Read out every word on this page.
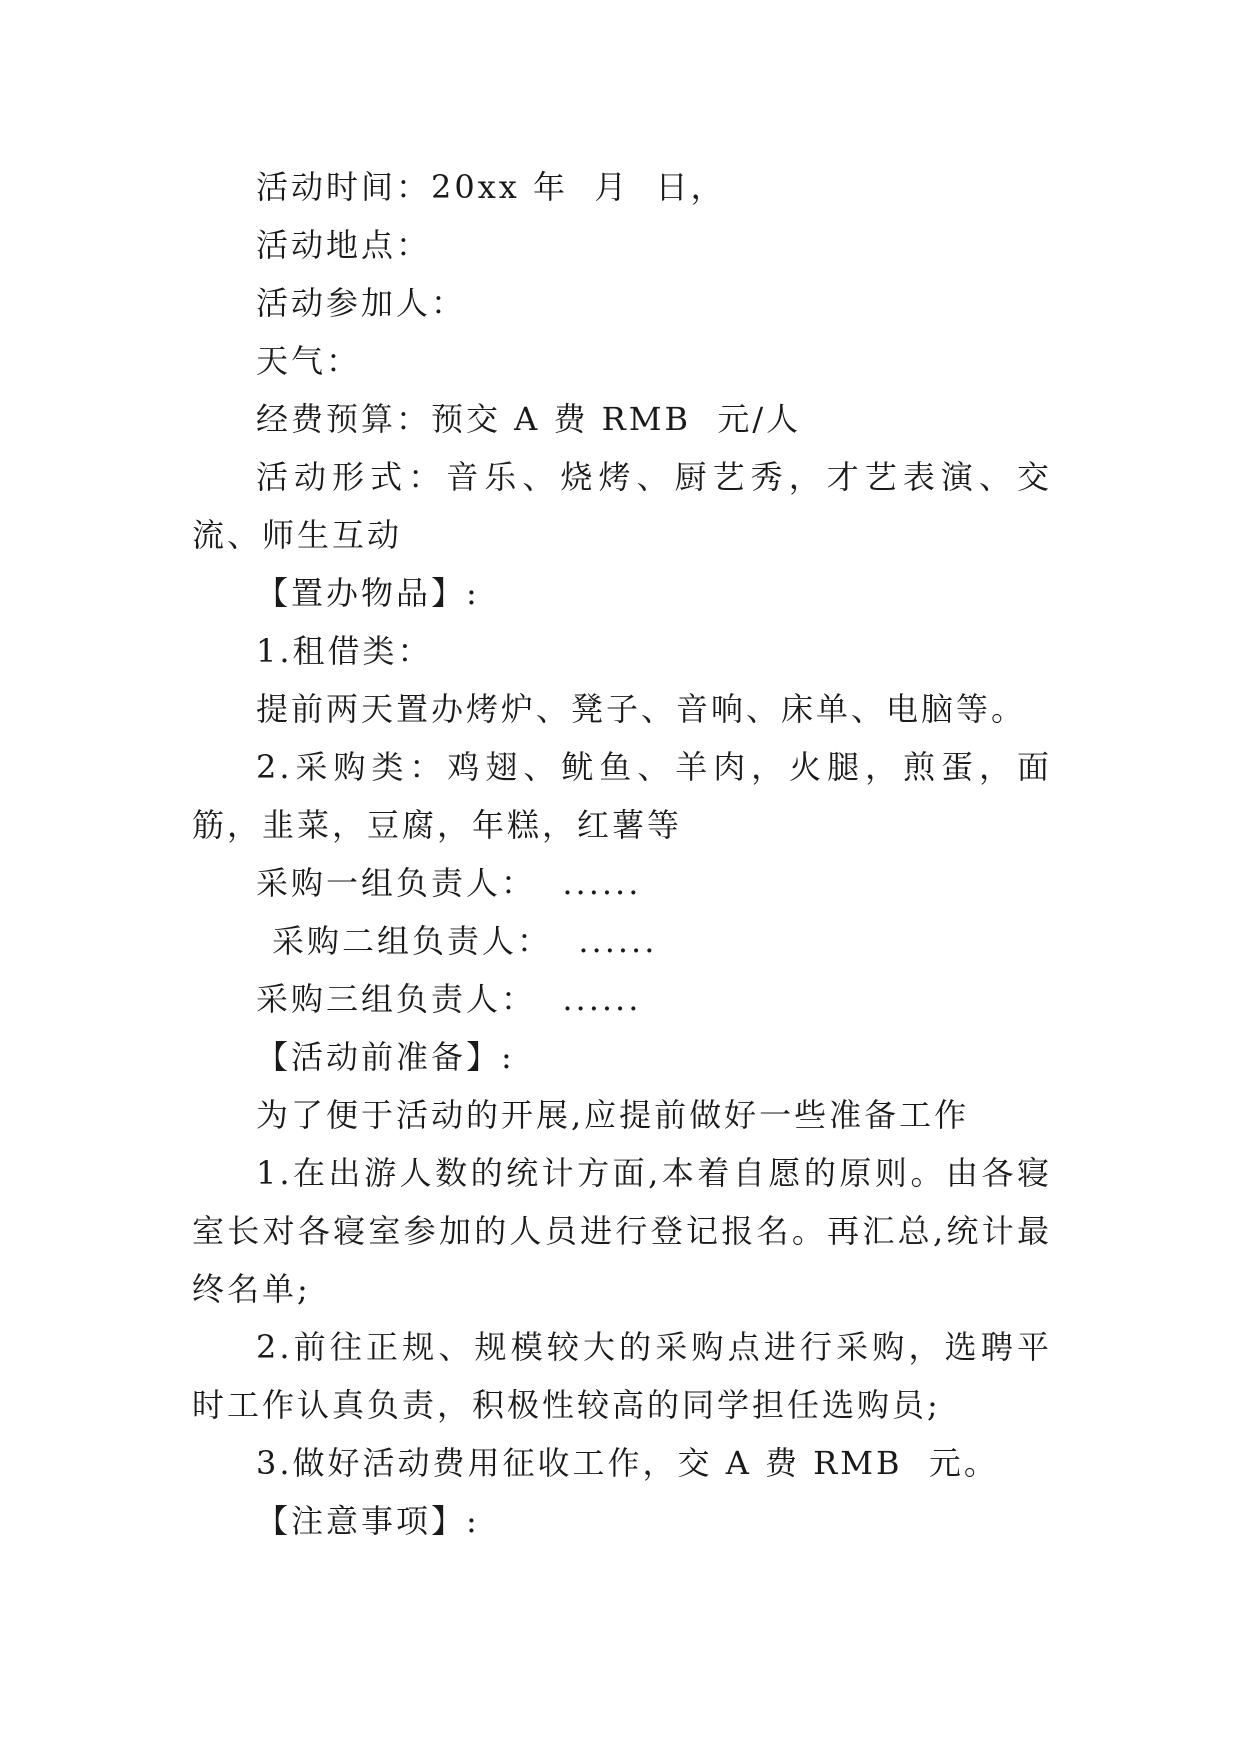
活动时间：20xx 年  月  日，
活动地点：
活动参加人：
天气：
经费预算：预交 A 费 RMB  元/人
活动形式：音乐、烧烤、厨艺秀，才艺表演、交流、师生互动
【置办物品】:
1.租借类：
提前两天置办烤炉、凳子、音响、床单、电脑等。
2.采购类：鸡翅、鱿鱼、羊肉，火腿，煎蛋，面筋，韭菜，豆腐，年糕，红薯等
采购一组负责人：  ......
采购二组负责人：  ......
采购三组负责人：  ......
【活动前准备】:
为了便于活动的开展,应提前做好一些准备工作
1.在出游人数的统计方面,本着自愿的原则。由各寝室长对各寝室参加的人员进行登记报名。再汇总,统计最终名单;
2.前往正规、规模较大的采购点进行采购，选聘平时工作认真负责，积极性较高的同学担任选购员;
3.做好活动费用征收工作，交 A 费 RMB  元。
【注意事项】:
